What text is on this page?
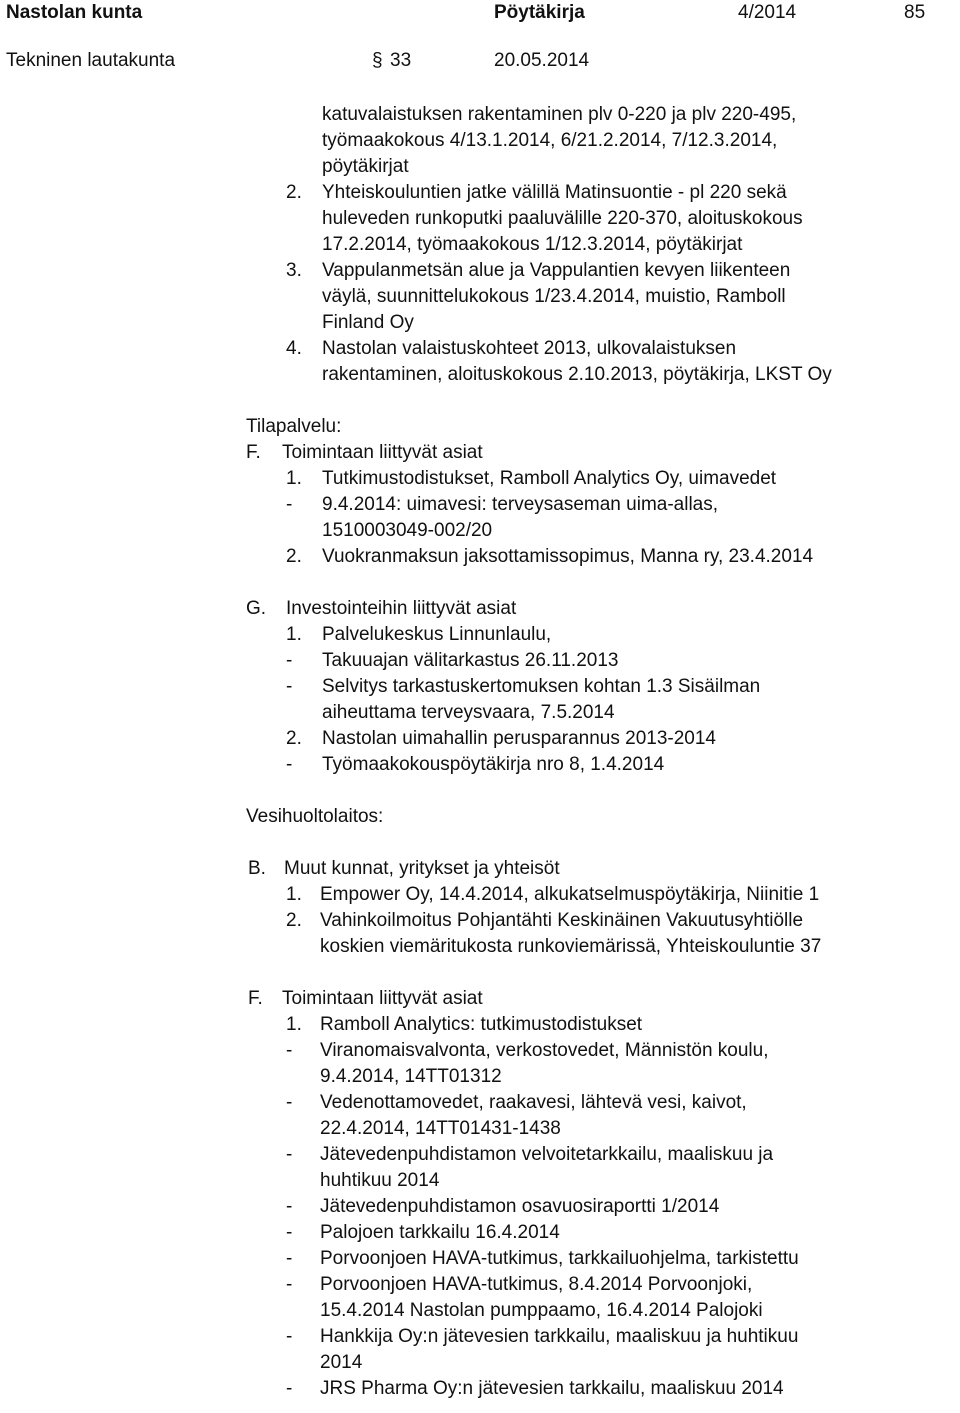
Nastolan kunta	Pöytäkirja	4/2014	85
Tekninen lautakunta	§ 33	20.05.2014
katuvalaistuksen rakentaminen plv 0-220 ja plv 220-495,
työmaakokous 4/13.1.2014, 6/21.2.2014, 7/12.3.2014,
pöytäkirjat
2. Yhteiskouluntien jatke välillä Matinsuontie - pl 220 sekä
huleveden runkoputki paaluvälille 220-370, aloituskokous
17.2.2014, työmaakokous 1/12.3.2014, pöytäkirjat
3. Vappulanmetsän alue ja Vappulantien kevyen liikenteen
väylä, suunnittelukokous 1/23.4.2014, muistio, Ramboll
Finland Oy
4. Nastolan valaistuskohteet 2013, ulkovalaistuksen
rakentaminen, aloituskokous 2.10.2013, pöytäkirja, LKST Oy
Tilapalvelu:
F. Toimintaan liittyvät asiat
1. Tutkimustodistukset, Ramboll Analytics Oy, uimavedet
- 9.4.2014: uimavesi: terveysaseman uima-allas,
1510003049-002/20
2. Vuokranmaksun jaksottamissopimus, Manna ry, 23.4.2014
G. Investointeihin liittyvät asiat
1. Palvelukeskus Linnunlaulu,
- Takuuajan välitarkastus 26.11.2013
- Selvitys tarkastuskertomuksen kohtan 1.3 Sisäilman
aiheuttama terveysvaara, 7.5.2014
2. Nastolan uimahallin perusparannus 2013-2014
- Työmaakokouspöytäkirja nro 8, 1.4.2014
Vesihuoltolaitos:
B. Muut kunnat, yritykset ja yhteisöt
1. Empower Oy, 14.4.2014, alkukatselmuspöytäkirja, Niinitie 1
2. Vahinkoilmoitus Pohjantähti Keskinäinen Vakuutusyhtiölle
koskien viemäritukosta runkoviemärissä, Yhteiskouluntie 37
F. Toimintaan liittyvät asiat
1. Ramboll Analytics: tutkimustodistukset
- Viranomaisvalvonta, verkostovedet, Männistön koulu,
9.4.2014, 14TT01312
- Vedenottamovedet, raakavesi, lähtevä vesi, kaivot,
22.4.2014, 14TT01431-1438
- Jätevedenpuhdistamon velvoitetarkkailu, maaliskuu ja
huhtikuu 2014
- Jätevedenpuhdistamon osavuosiraportti 1/2014
- Palojoen tarkkailu 16.4.2014
- Porvoonjoen HAVA-tutkimus, tarkkailuohjelma, tarkistettu
- Porvoonjoen HAVA-tutkimus, 8.4.2014 Porvoonjoki,
15.4.2014 Nastolan pumppaamo, 16.4.2014 Palojoki
- Hankkija Oy:n jätevesien tarkkailu, maaliskuu ja huhtikuu
2014
- JRS Pharma Oy:n jätevesien tarkkailu, maaliskuu 2014
